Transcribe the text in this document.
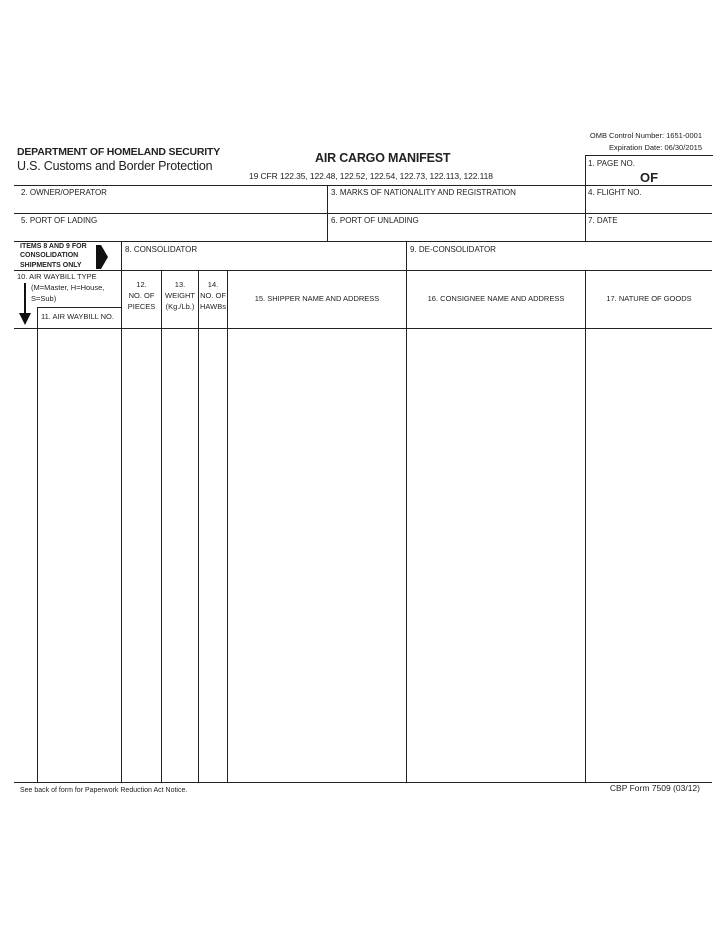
OMB Control Number: 1651-0001
Expiration Date: 06/30/2015
DEPARTMENT OF HOMELAND SECURITY
U.S. Customs and Border Protection
AIR CARGO MANIFEST
19 CFR 122.35, 122.48, 122.52, 122.54, 122.73, 122.113, 122.118
1. PAGE NO.
OF
2. OWNER/OPERATOR	3. MARKS OF NATIONALITY AND REGISTRATION	4. FLIGHT NO.
5. PORT OF LADING	6. PORT OF UNLADING	7. DATE
ITEMS 8 AND 9 FOR
CONSOLIDATION
SHIPMENTS ONLY
8. CONSOLIDATOR	9. DE-CONSOLIDATOR
10. AIR WAYBILL TYPE
(M=Master, H=House,
S=Sub)
11. AIR WAYBILL NO.
12.
NO. OF
PIECES
13.
WEIGHT
(Kg./Lb.)
14.
NO. OF
HAWBs
15. SHIPPER NAME AND ADDRESS	16. CONSIGNEE NAME AND ADDRESS	17. NATURE OF GOODS
See back of form for Paperwork Reduction Act Notice.	CBP Form 7509 (03/12)
